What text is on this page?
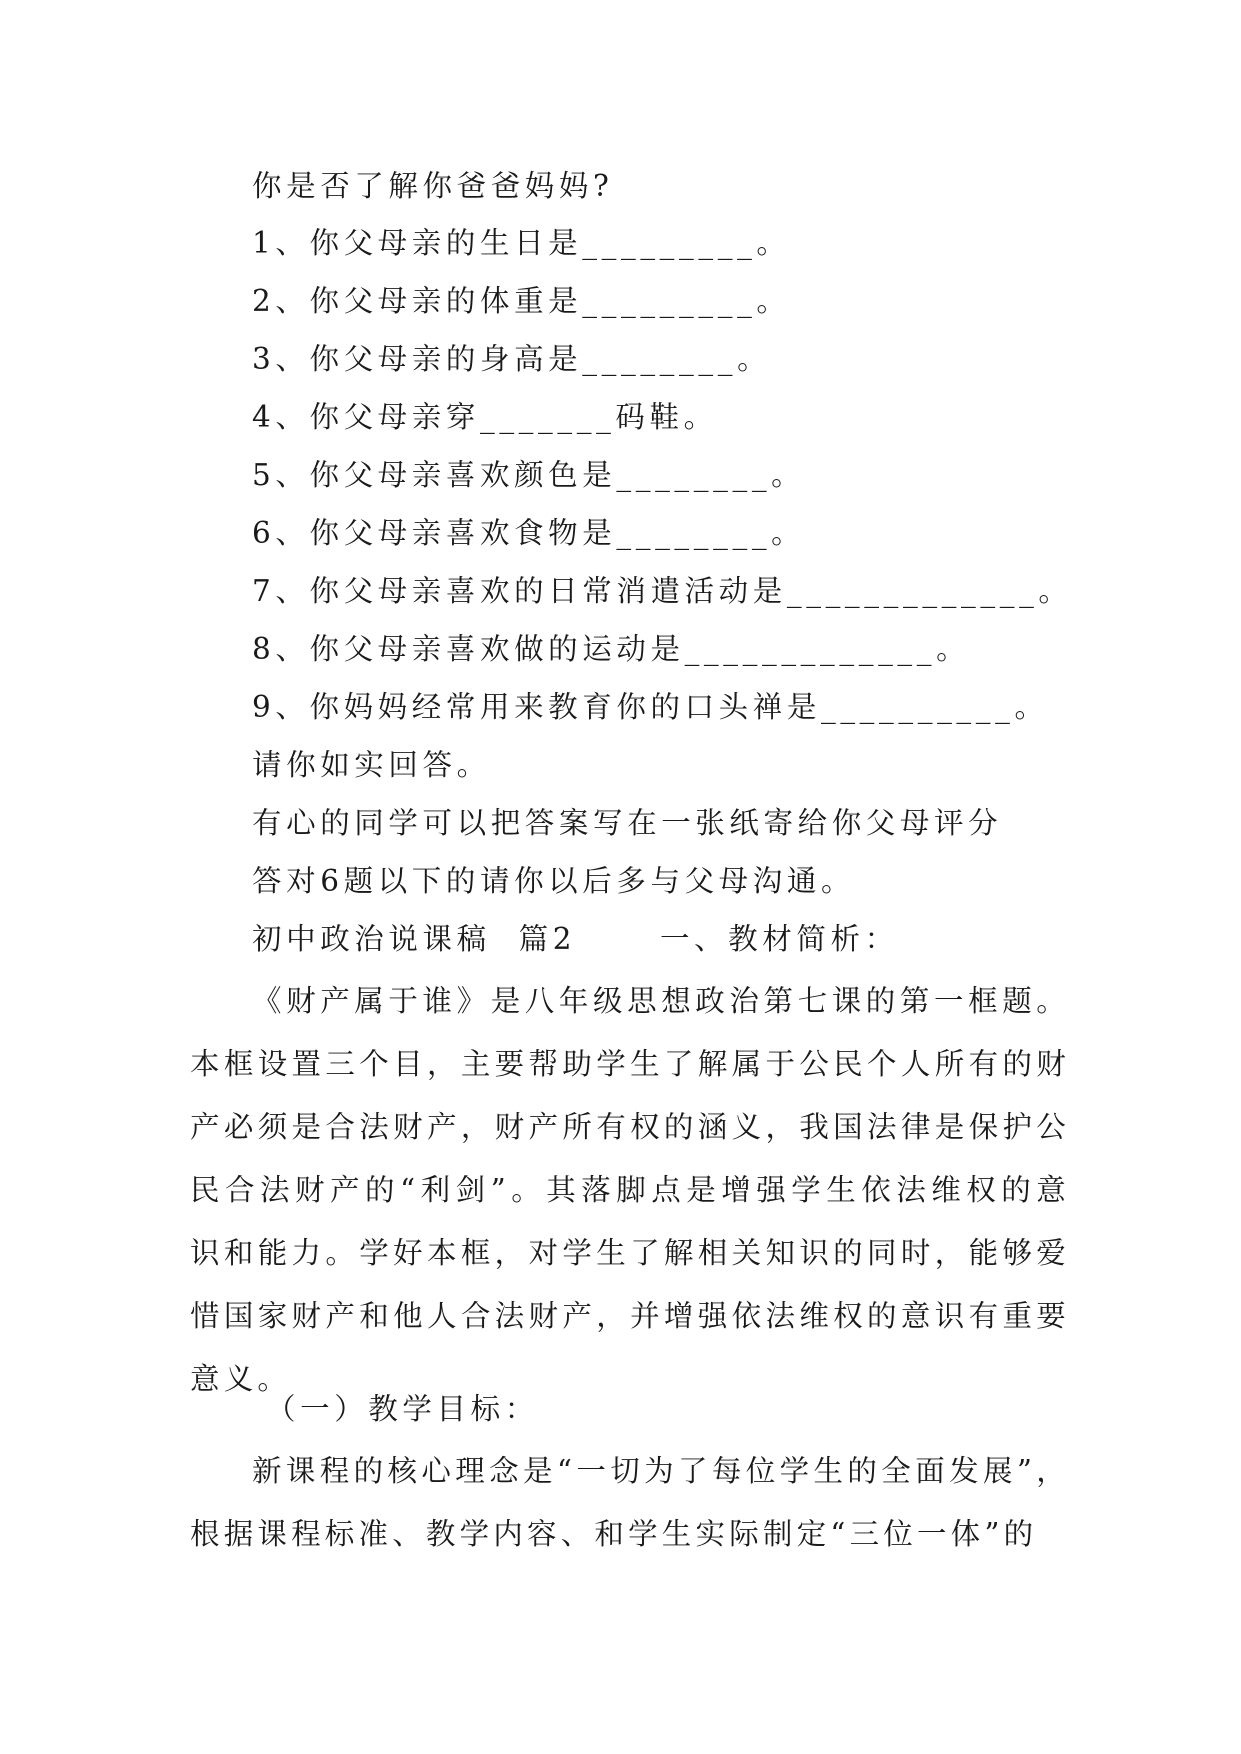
你是否了解你爸爸妈妈?
1、你父母亲的生日是_________。
2、你父母亲的体重是_________。
3、你父母亲的身高是________。
4、你父母亲穿_______码鞋。
5、你父母亲喜欢颜色是________。
6、你父母亲喜欢食物是________。
7、你父母亲喜欢的日常消遣活动是_____________。
8、你父母亲喜欢做的运动是_____________。
9、你妈妈经常用来教育你的口头禅是__________。
请你如实回答。
有心的同学可以把答案写在一张纸寄给你父母评分
答对6题以下的请你以后多与父母沟通。
初中政治说课稿  篇2      一、教材简析：
《财产属于谁》是八年级思想政治第七课的第一框题。本框设置三个目，主要帮助学生了解属于公民个人所有的财产必须是合法财产，财产所有权的涵义，我国法律是保护公民合法财产的“利剑”。其落脚点是增强学生依法维权的意识和能力。学好本框，对学生了解相关知识的同时，能够爱惜国家财产和他人合法财产，并增强依法维权的意识有重要意义。
（一）教学目标：
新课程的核心理念是“一切为了每位学生的全面发展”，根据课程标准、教学内容、和学生实际制定“三位一体”的
